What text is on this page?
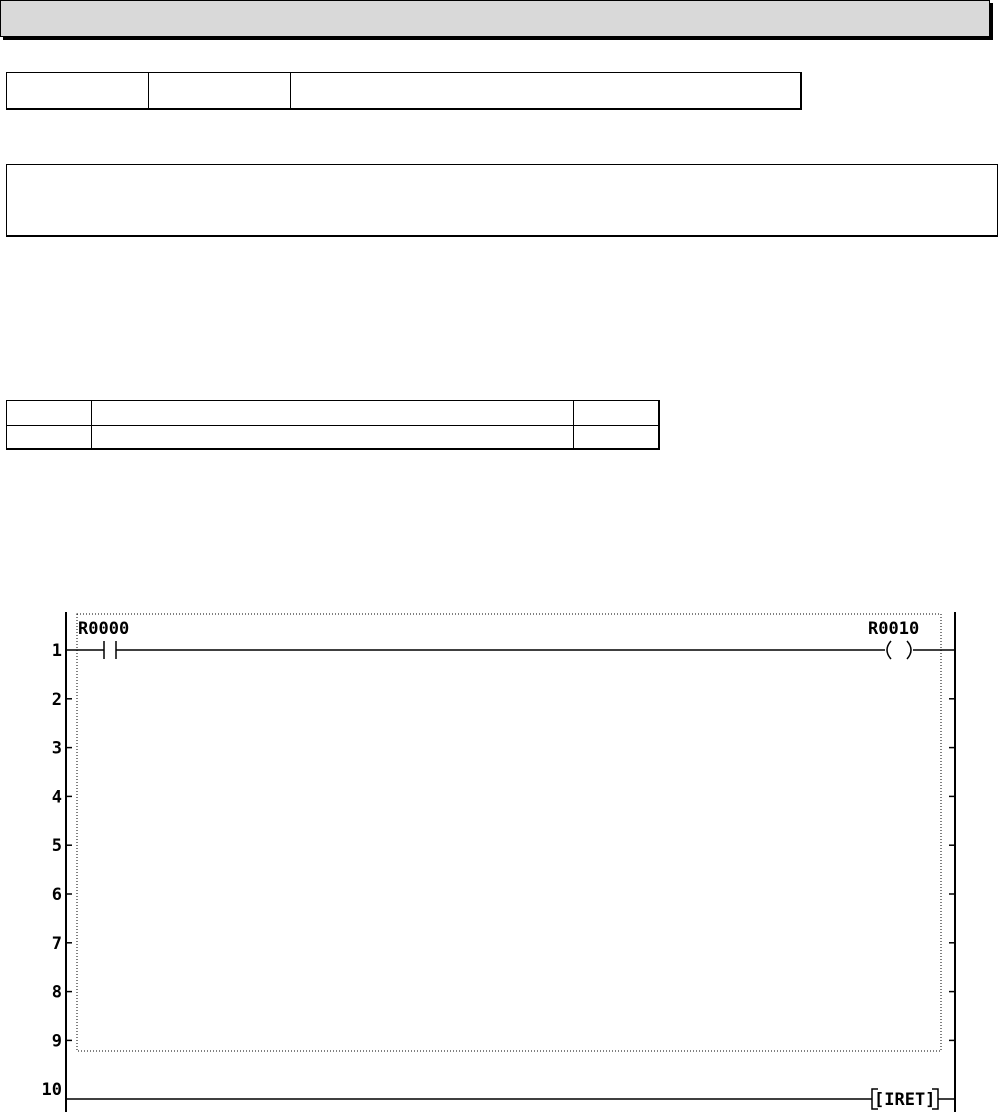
1
2
3
4
5
6
7
8
9
10
R0000	R0010
[IRET]
